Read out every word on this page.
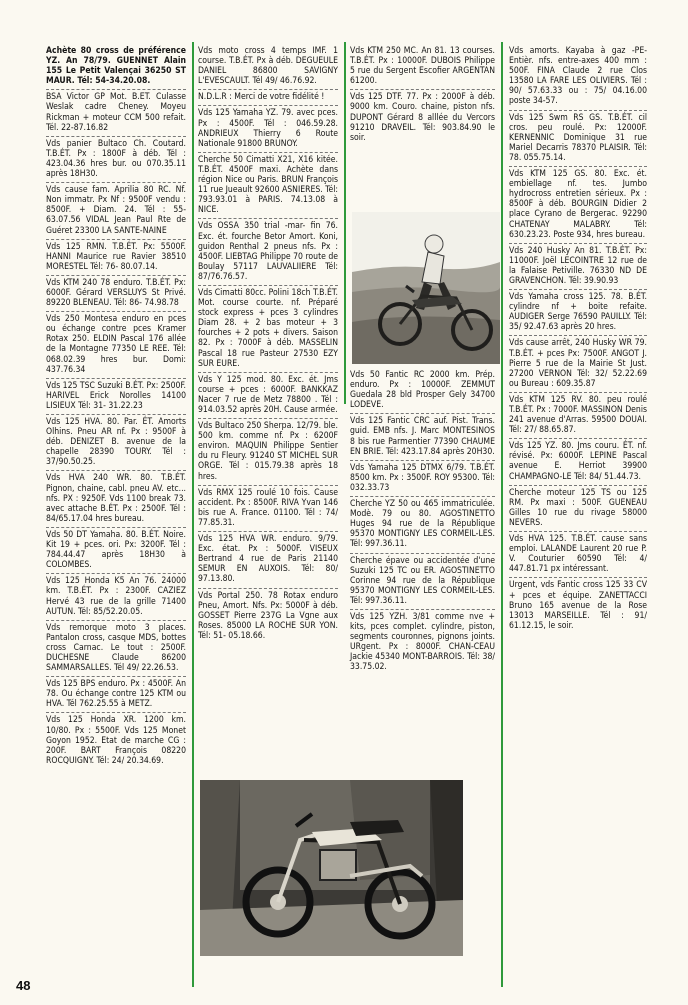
Achète 80 cross de préférence YZ. An 78/79. GUENNET Alain 155 Le Petit Valençai 36250 ST MAUR. Tél: 54-34.20.08.

BSA Victor GP Mot. B.ET. Culasse Weslak cadre Cheney. Moyeu Rickman + moteur CCM 500 refait. Tél. 22-87.16.82

Vds panier Bultaco Ch. Coutard. T.B.ÉT. Px : 1800F à déb. Tél : 423.04.36 hres bur. ou 070.35.11 après 18H30.

Vds cause fam. Aprilia 80 RC. Nf. Non immatr. Px Nf : 9500F vendu : 8500F. + Diam. 24. Tél : 55- 63.07.56 VIDAL Jean Paul Rte de Guéret 23300 LA SANTE-NAINE

Vds 125 RMN. T.B.ÉT. Px: 5500F. HANNI Maurice rue Ravier 38510 MORESTEL Tél: 76- 80.07.14.

Vds KTM 240 78 enduro. T.B.ÉT. Px: 6000F. Gérard VERSLUYS St Privé. 89220 BLENEAU. Tél: 86- 74.98.78

Vds 250 Montesa enduro en pces ou échange contre pces Kramer Rotax 250. ELDIN Pascal 176 allée de la Montagne 77350 LE REE. Tél: 068.02.39 hres bur. Domi: 437.76.34

Vds 125 TSC Suzuki B.ÉT. Px: 2500F. HARIVEL Erick Norolles 14100 LISIEUX Tél: 31- 31.22.23

Vds 125 HVA. 80. Par. ÉT. Amorts Olhins. Pneu AR nf. Px : 9500F à déb. DENIZET B. avenue de la chapelle 28390 TOURY. Tél : 37/90.50.25.

Vds HVA 240 WR. 80. T.B.ÉT. Pignon, chaine, cabl. pneu AV. etc... nfs. PX : 9250F. Vds 1100 break 73. avec attache B.ÉT. Px : 2500F. Tél : 84/65.17.04 hres bureau.

Vds 50 DT Yamaha. 80. B.ÉT. Noire. Kit 19 + pces. ori. Px: 3200F. Tél : 784.44.47 après 18H30 à COLOMBES.

Vds 125 Honda K5 An 76. 24000 km. T.B.ÉT. Px : 2300F. CAZIEZ Hervé 43 rue de la grille 71400 AUTUN. Tél: 85/52.20.05.

Vds remorque moto 3 places. Pantalon cross, casque MDS, bottes cross Carnac. Le tout : 2500F. DUCHESNE Claude 86200 SAMMARSALLES. Tél 49/ 22.26.53.

Vds 125 BPS enduro. Px : 4500F. An 78. Ou échange contre 125 KTM ou HVA. Tél 762.25.55 à METZ.

Vds 125 Honda XR. 1200 km. 10/80. Px : 5500F. Vds 125 Monet Goyon 1952. Etat de marche CG : 200F. BART François 08220 ROCQUIGNY. Tél: 24/ 20.34.69.

Vds moto cross 4 temps IMF. 1 course. T.B.ÉT. Px à déb. DEGUEULE DANIEL 86800 SAVIGNY L'EVESCAULT. Tél 49/ 46.76.92.

N.D.L.R : Merci de votre fidélité !

Vds 125 Yamaha YZ. 79. avec pces. Px : 4500F. Tél : 046.59.28. ANDRIEUX Thierry 6 Route Nationale 91800 BRUNOY.

Cherche 50 Cimatti X21, X16 kitée. T.B.ÉT. 4500F maxi. Achète dans région Nice ou Paris. BRUN François 11 rue Jueault 92600 ASNIERES. Tél: 793.93.01 à PARIS. 74.13.08 à NICE.

Vds OSSA 350 trial -mar- fin 76. Exc. ét. fourche Betor Amort. Koni, guidon Renthal 2 pneus nfs. Px : 4500F. LIEBTAG Philippe 70 route de Boulay 57117 LAUVALIIERE Tél: 87/76.76.57.

Vds Cimatti 80cc. Polini 18ch T.B.ÉT. Mot. course courte. nf. Préparé stock express + pces 3 cylindres Diam 28. + 2 bas moteur + 3 fourches + 2 pots + divers. Saison 82. Px : 7000F à déb. MASSELIN Pascal 18 rue Pasteur 27530 EZY SUR EURE.

Vds Y 125 mod. 80. Exc. ét. Jms course + pces : 6000F. BANKKAZ Nacer 7 rue de Metz 78800 . Tél : 914.03.52 après 20H. Cause armée.

Vds Bultaco 250 Sherpa. 12/79. ble. 500 km. comme nf. Px : 6200F environ. MAQUIN Philippe Sentier du ru Fleury. 91240 ST MICHEL SUR ORGE. Tél : 015.79.38 après 18 hres.

Vds RMX 125 roulé 10 fois. Cause accident. Px : 8500F. RIVA Yvan 146 bis rue A. France. 01100. Tél : 74/ 77.85.31.

Vds 125 HVA WR. enduro. 9/79. Exc. état. Px : 5000F. VISEUX Bertrand 4 rue de Paris 21140 SEMUR EN AUXOIS. Tél: 80/ 97.13.80.

Vds Portal 250. 78 Rotax enduro Pneu, Amort. Nfs. Px: 5000F à déb. GOSSET Pierre 237G La Vgne aux Roses. 85000 LA ROCHE SUR YON. Tél: 51- 05.18.66.

Vds KTM 250 MC. An 81. 13 courses. T.B.ÉT. Px : 10000F. DUBOIS Philippe 5 rue du Sergent Escofier ARGENTAN 61200.

Vds 125 DTF. 77. Px : 2000F à déb. 9000 km. Couro. chaine, piston nfs. DUPONT Gérard 8 alllée du Vercors 91210 DRAVEIL. Tél: 903.84.90 le soir.

Vds 50 Fantic RC 2000 km. Prép. enduro. Px : 10000F. ZEMMUT Guedala 28 bld Prosper Gely 34700 LODEVE.

Vds 125 Fantic CRC auf. Pist. Trans. guid. EMB nfs. J. Marc MONTESINOS 8 bis rue Parmentier 77390 CHAUME EN BRIE. Tél: 423.17.84 après 20H30.

Vds Yamaha 125 DTMX 6/79. T.B.ÉT. 8500 km. Px : 3500F. ROY 95300. Tél: 032.33.73

Cherche YZ 50 ou 465 immatriculée. Modè. 79 ou 80. AGOSTINETTO Huges 94 rue de la République 95370 MONTIGNY LES CORMEIL-LES. Tél: 997.36.11.

Cherche épave ou accidentée d'une Suzuki 125 TC ou ER. AGOSTINETTO Corinne 94 rue de la République 95370 MONTIGNY LES CORMEIL-LES. Tél: 997.36.11.

Vds 125 YZH. 3/81 comme nve + kits, pces complet. cylindre, piston, segments couronnes, pignons joints. URgent. Px : 8000F. CHAN-CEAU Jackie 45340 MONT-BARROIS. Tél: 38/ 33.75.02.

Vds amorts. Kayaba à gaz -PE- Entièr. nfs. entre-axes 400 mm : 500F. FINA Claude 2 rue Clos 13580 LA FARE LES OLIVIERS. Tél : 90/ 57.63.33 ou : 75/ 04.16.00 poste 34-57.

Vds 125 Swm RS GS. T.B.ÉT. cil cros. peu roulé. Px: 12000F. KERNENNIC Dominique 31 rue Mariel Decarris 78370 PLAISIR. Tél: 78. 055.75.14.

Vds KTM 125 GS. 80. Exc. ét. embiellage nf. tes. Jumbo hydrocross entretien sérieux. Px : 8500F à déb. BOURGIN Didier 2 place Cyrano de Bergerac. 92290 CHATENAY MALABRY. Tél: 630.23.23. Poste 934, hres bureau.

Vds 240 Husky An 81. T.B.ÉT. Px: 11000F. Joël LECOINTRE 12 rue de la Falaise Petiville. 76330 ND DE GRAVENCHON. Tél: 39.90.93

Vds Yamaha cross 125. 78. B.ÉT. cylindre nf + boite refaite. AUDIGER Serge 76590 PAUILLY. Tél: 35/ 92.47.63 après 20 hres.

Vds cause arrêt, 240 Husky WR 79. T.B.ÉT. + pces Px: 7500F. ANGOT J. Pierre 5 rue de la Mairie St Just. 27200 VERNON Tél: 32/ 52.22.69 ou Bureau : 609.35.87

Vds KTM 125 RV. 80. peu roulé T.B.ÉT. Px : 7000F. MASSINON Denis 241 avenue d'Arras. 59500 DOUAI. Tél: 27/ 88.65.87.

Vds 125 YZ. 80. Jms couru. ÉT. nf. révisé. Px: 6000F. LEPINE Pascal avenue E. Herriot 39900 CHAMPAGNO-LE Tél: 84/ 51.44.73.

Cherche moteur 125 TS ou 125 RM. Px maxi : 500F. GUENEAU Gilles 10 rue du rivage 58000 NEVERS.

Vds HVA 125. T.B.ÉT. cause sans emploi. LALANDE Laurent 20 rue P. V. Couturier 60590 Tél: 4/ 447.81.71 px intéressant.

Urgent, vds Fantic cross 125 33 CV + pces et équipe. ZANETTACCI Bruno 165 avenue de la Rose 13013 MARSEILLE. Tél : 91/ 61.12.15, le soir.

48
